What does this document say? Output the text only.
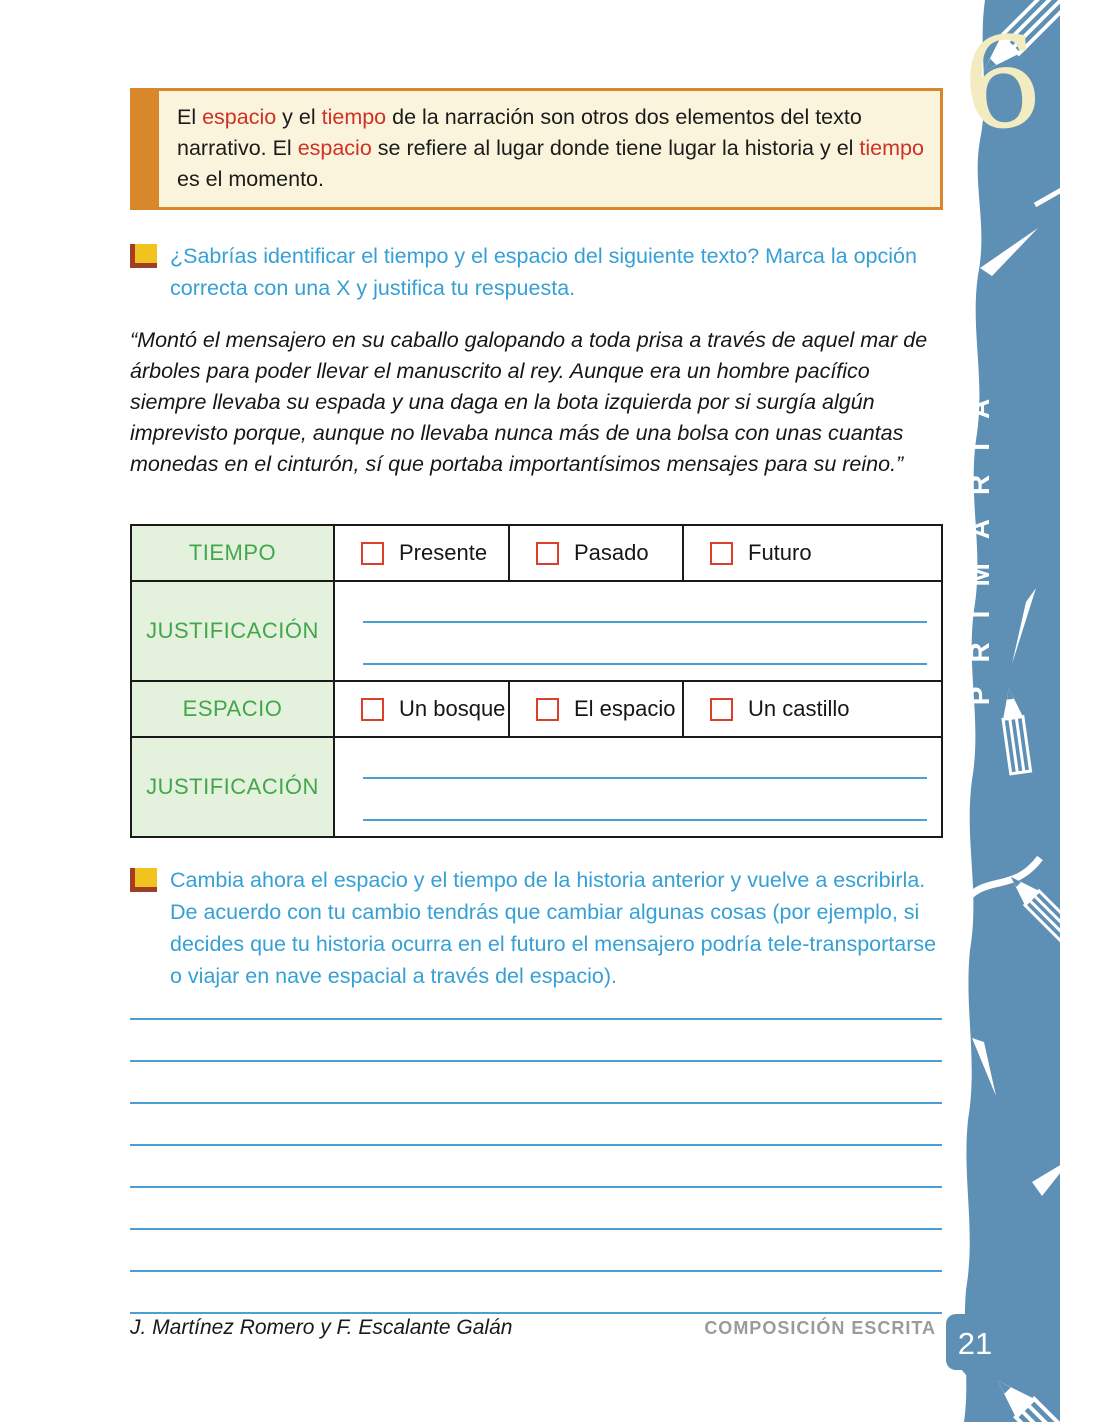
El espacio y el tiempo de la narración son otros dos elementos del texto narrativo. El espacio se refiere al lugar donde tiene lugar la historia y el tiempo es el momento.

¿Sabrías identificar el tiempo y el espacio del siguiente texto? Marca la opción correcta con una X y justifica tu respuesta.

“Montó el mensajero en su caballo galopando a toda prisa a través de aquel mar de árboles para poder llevar el manuscrito al rey. Aunque era un hombre pacífico siempre llevaba su espada y una daga en la bota izquierda por si surgía algún imprevisto porque, aunque no llevaba nunca más de una bolsa con unas cuantas monedas en el cinturón, sí que portaba importantísimos mensajes para su reino.”

TIEMPO	Presente	Pasado	Futuro
JUSTIFICACIÓN
ESPACIO	Un bosque	El espacio	Un castillo
JUSTIFICACIÓN

Cambia ahora el espacio y el tiempo de la historia anterior y vuelve a escribirla. De acuerdo con tu cambio tendrás que cambiar algunas cosas (por ejemplo, si decides que tu historia ocurra en el futuro el mensajero podría tele-transportarse o viajar en nave espacial a través del espacio).

J. Martínez Romero y F. Escalante Galán	COMPOSICIÓN ESCRITA
6
PRIMARIA
21
